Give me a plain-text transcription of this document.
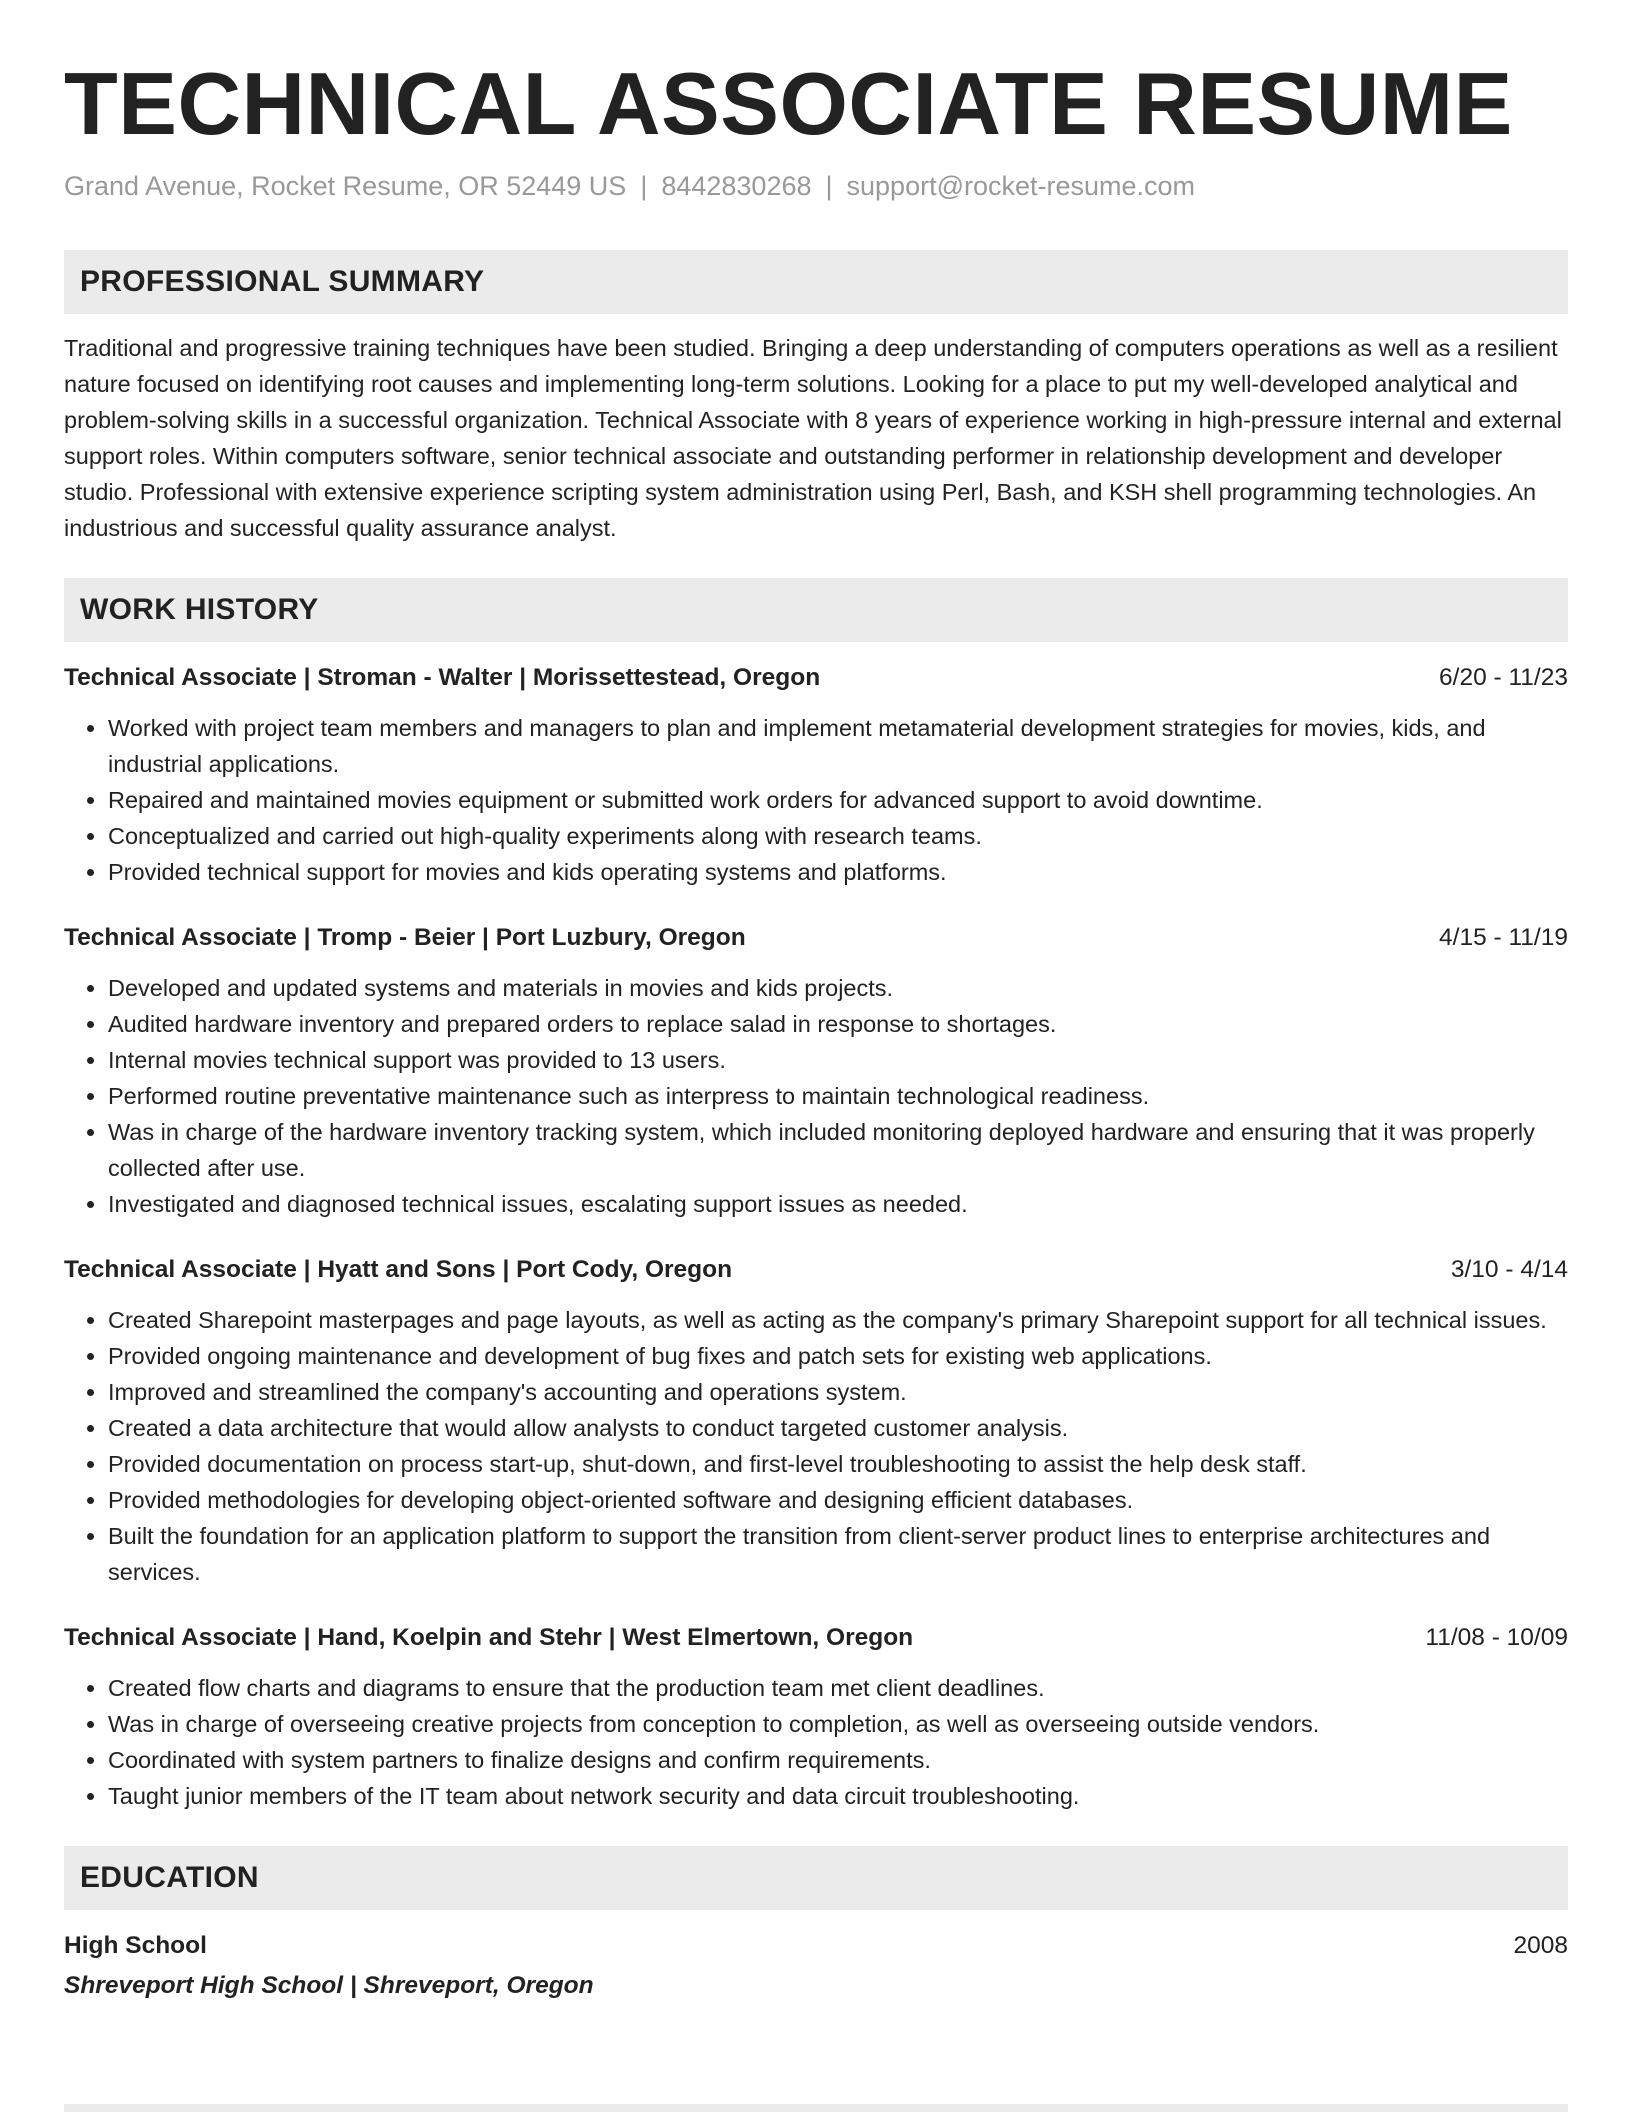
TECHNICAL ASSOCIATE RESUME
Grand Avenue, Rocket Resume, OR 52449 US | 8442830268 | support@rocket-resume.com
PROFESSIONAL SUMMARY

Traditional and progressive training techniques have been studied. Bringing a deep understanding of computers operations as well as a resilient nature focused on identifying root causes and implementing long-term solutions. Looking for a place to put my well-developed analytical and problem-solving skills in a successful organization. Technical Associate with 8 years of experience working in high-pressure internal and external support roles. Within computers software, senior technical associate and outstanding performer in relationship development and developer studio. Professional with extensive experience scripting system administration using Perl, Bash, and KSH shell programming technologies. An industrious and successful quality assurance analyst.

WORK HISTORY
Technical Associate | Stroman - Walter | Morissettestead, Oregon	6/20 - 11/23
• Worked with project team members and managers to plan and implement metamaterial development strategies for movies, kids, and industrial applications.
• Repaired and maintained movies equipment or submitted work orders for advanced support to avoid downtime.
• Conceptualized and carried out high-quality experiments along with research teams.
• Provided technical support for movies and kids operating systems and platforms.
Technical Associate | Tromp - Beier | Port Luzbury, Oregon	4/15 - 11/19
• Developed and updated systems and materials in movies and kids projects.
• Audited hardware inventory and prepared orders to replace salad in response to shortages.
• Internal movies technical support was provided to 13 users.
• Performed routine preventative maintenance such as interpress to maintain technological readiness.
• Was in charge of the hardware inventory tracking system, which included monitoring deployed hardware and ensuring that it was properly collected after use.
• Investigated and diagnosed technical issues, escalating support issues as needed.
Technical Associate | Hyatt and Sons | Port Cody, Oregon	3/10 - 4/14
• Created Sharepoint masterpages and page layouts, as well as acting as the company's primary Sharepoint support for all technical issues.
• Provided ongoing maintenance and development of bug fixes and patch sets for existing web applications.
• Improved and streamlined the company's accounting and operations system.
• Created a data architecture that would allow analysts to conduct targeted customer analysis.
• Provided documentation on process start-up, shut-down, and first-level troubleshooting to assist the help desk staff.
• Provided methodologies for developing object-oriented software and designing efficient databases.
• Built the foundation for an application platform to support the transition from client-server product lines to enterprise architectures and services.
Technical Associate | Hand, Koelpin and Stehr | West Elmertown, Oregon	11/08 - 10/09
• Created flow charts and diagrams to ensure that the production team met client deadlines.
• Was in charge of overseeing creative projects from conception to completion, as well as overseeing outside vendors.
• Coordinated with system partners to finalize designs and confirm requirements.
• Taught junior members of the IT team about network security and data circuit troubleshooting.
EDUCATION
High School	2008
Shreveport High School | Shreveport, Oregon
